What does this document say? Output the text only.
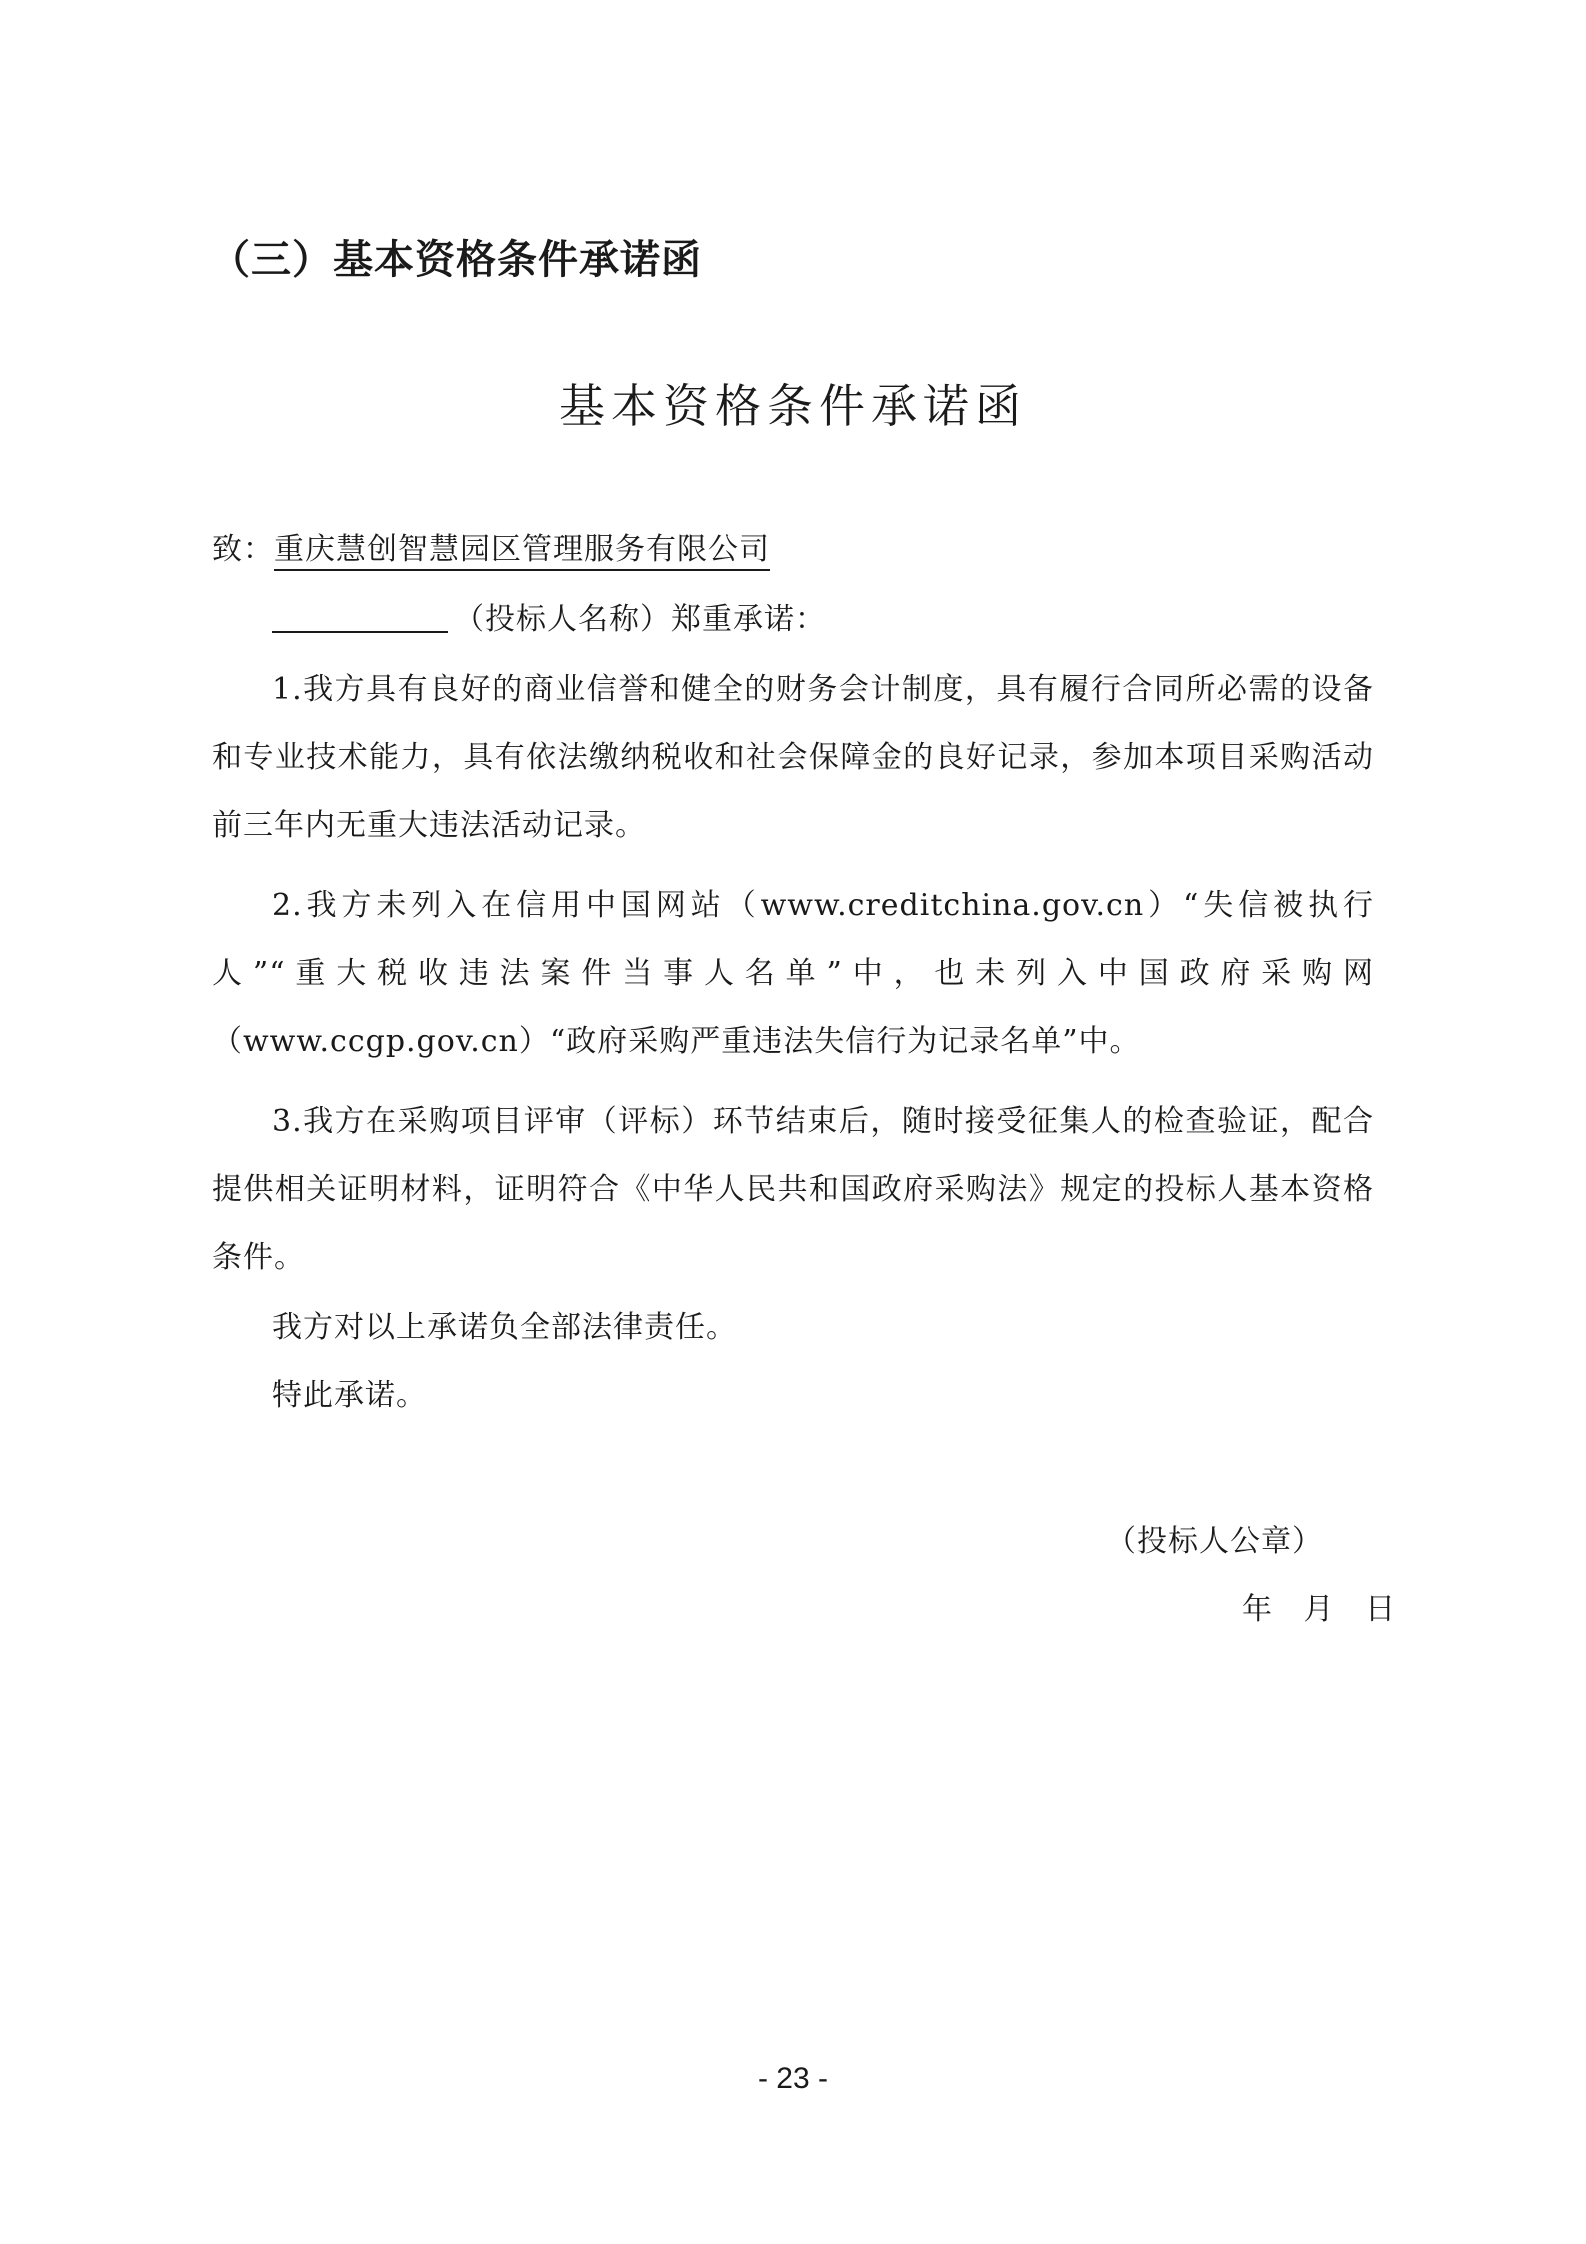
（三）基本资格条件承诺函
基本资格条件承诺函
致：重庆慧创智慧园区管理服务有限公司
（投标人名称）郑重承诺：
1.我方具有良好的商业信誉和健全的财务会计制度，具有履行合同所必需的设备和专业技术能力，具有依法缴纳税收和社会保障金的良好记录，参加本项目采购活动前三年内无重大违法活动记录。
2.我方未列入在信用中国网站（www.creditchina.gov.cn）“失信被执行人”“重大税收违法案件当事人名单”中，也未列入中国政府采购网（www.ccgp.gov.cn）“政府采购严重违法失信行为记录名单”中。
3.我方在采购项目评审（评标）环节结束后，随时接受征集人的检查验证，配合提供相关证明材料，证明符合《中华人民共和国政府采购法》规定的投标人基本资格条件。
我方对以上承诺负全部法律责任。
特此承诺。
（投标人公章）
年 月 日
- 23 -
